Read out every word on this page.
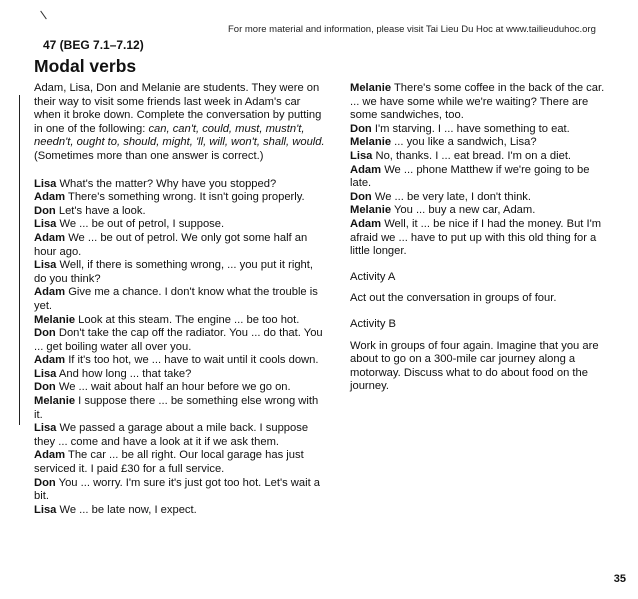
For more material and information, please visit Tai Lieu Du Hoc at www.tailieuduhoc.org
47 (BEG 7.1–7.12)
Modal verbs

Adam, Lisa, Don and Melanie are students. They were on their way to visit some friends last week in Adam's car when it broke down. Complete the conversation by putting in one of the following: can, can't, could, must, mustn't, needn't, ought to, should, might, 'll, will, won't, shall, would. (Sometimes more than one answer is correct.)

Lisa What's the matter? Why have you stopped?

Adam There's something wrong. It isn't going properly.

Don Let's have a look.

Lisa We ... be out of petrol, I suppose.

Adam We ... be out of petrol. We only got some half an hour ago.

Lisa Well, if there is something wrong, ... you put it right, do you think?

Adam Give me a chance. I don't know what the trouble is yet.

Melanie Look at this steam. The engine ... be too hot.

Don Don't take the cap off the radiator. You ... do that. You ... get boiling water all over you.

Adam If it's too hot, we ... have to wait until it cools down.

Lisa And how long ... that take?

Don We ... wait about half an hour before we go on.

Melanie I suppose there ... be something else wrong with it.

Lisa We passed a garage about a mile back. I suppose they ... come and have a look at it if we ask them.

Adam The car ... be all right. Our local garage has just serviced it. I paid £30 for a full service.

Don You ... worry. I'm sure it's just got too hot. Let's wait a bit.

Lisa We ... be late now, I expect.

Melanie There's some coffee in the back of the car. ... we have some while we're waiting? There are some sandwiches, too.

Don I'm starving. I ... have something to eat.

Melanie ... you like a sandwich, Lisa?

Lisa No, thanks. I ... eat bread. I'm on a diet.

Adam We ... phone Matthew if we're going to be late.

Don We ... be very late, I don't think.

Melanie You ... buy a new car, Adam.

Adam Well, it ... be nice if I had the money. But I'm afraid we ... have to put up with this old thing for a little longer.

Activity A

Act out the conversation in groups of four.

Activity B

Work in groups of four again. Imagine that you are about to go on a 300-mile car journey along a motorway. Discuss what to do about food on the journey.

35
